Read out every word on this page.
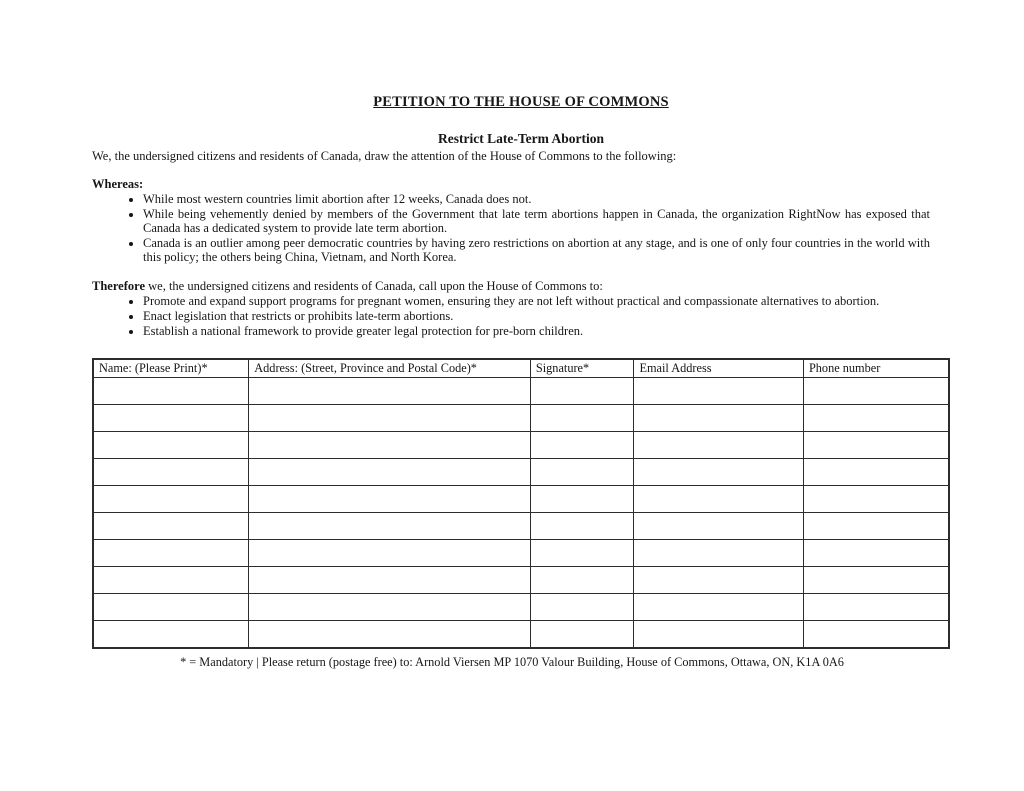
PETITION TO THE HOUSE OF COMMONS
Restrict Late-Term Abortion

We, the undersigned citizens and residents of Canada, draw the attention of the House of Commons to the following:

Whereas:

• While most western countries limit abortion after 12 weeks, Canada does not.
• While being vehemently denied by members of the Government that late term abortions happen in Canada, the organization RightNow has exposed that Canada has a dedicated system to provide late term abortion.
• Canada is an outlier among peer democratic countries by having zero restrictions on abortion at any stage, and is one of only four countries in the world with this policy; the others being China, Vietnam, and North Korea.

Therefore we, the undersigned citizens and residents of Canada, call upon the House of Commons to:

• Promote and expand support programs for pregnant women, ensuring they are not left without practical and compassionate alternatives to abortion.
• Enact legislation that restricts or prohibits late-term abortions.
• Establish a national framework to provide greater legal protection for pre-born children.
Name: (Please Print)*	Address: (Street, Province and Postal Code)*	Signature*	Email Address	Phone number

* = Mandatory | Please return (postage free) to: Arnold Viersen MP 1070 Valour Building, House of Commons, Ottawa, ON, K1A 0A6
